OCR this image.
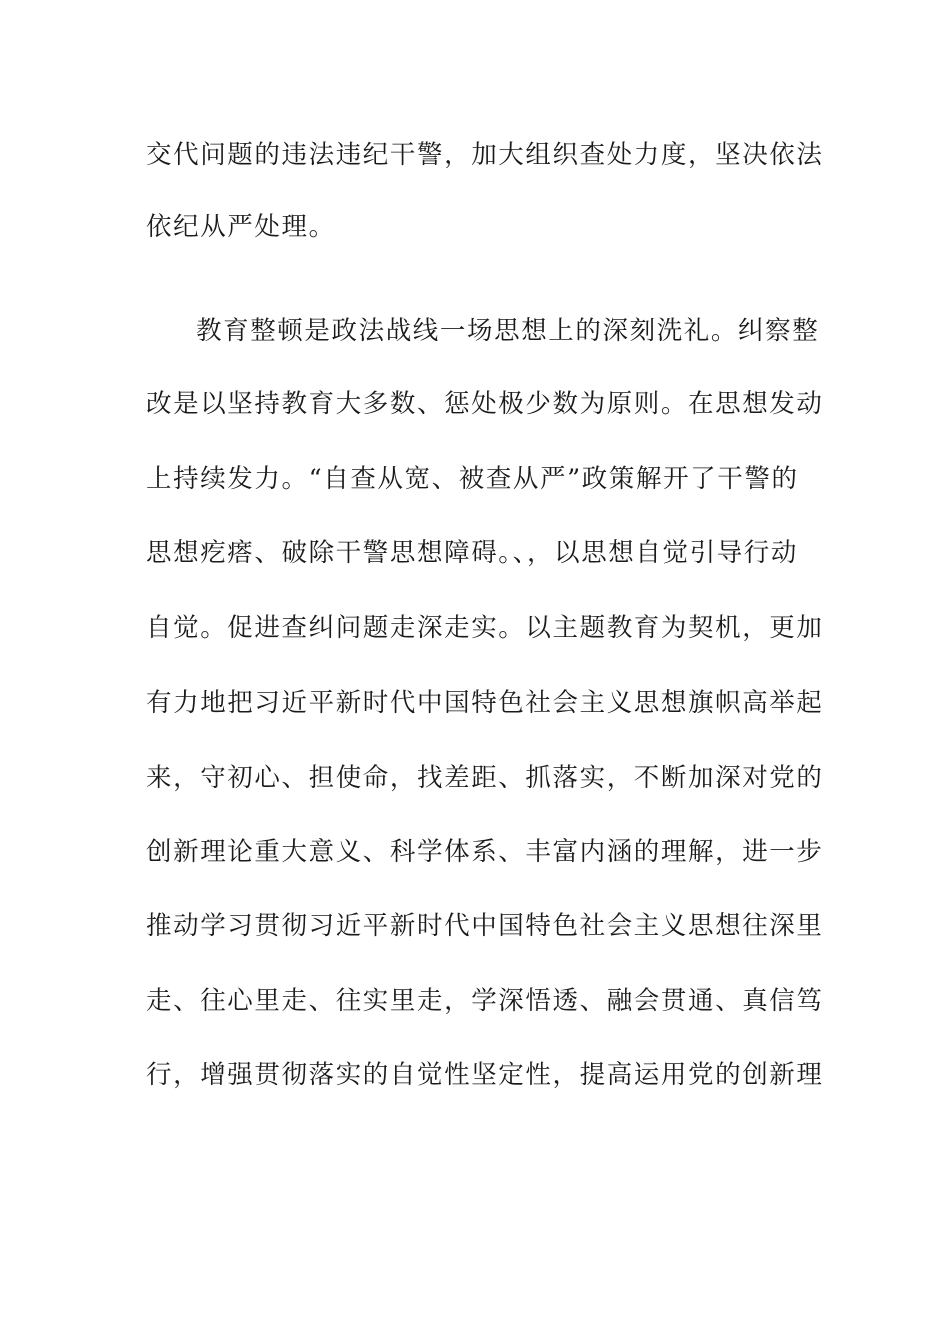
交代问题的违法违纪干警，加大组织查处力度，坚决依法
依纪从严处理。
教育整顿是政法战线一场思想上的深刻洗礼。纠察整
改是以坚持教育大多数、惩处极少数为原则。在思想发动
上持续发力。“自查从宽、被查从严”政策解开了干警的
思想疙瘩、破除干警思想障碍。、，以思想自觉引导行动
自觉。促进查纠问题走深走实。以主题教育为契机，更加
有力地把习近平新时代中国特色社会主义思想旗帜高举起
来，守初心、担使命，找差距、抓落实，不断加深对党的
创新理论重大意义、科学体系、丰富内涵的理解，进一步
推动学习贯彻习近平新时代中国特色社会主义思想往深里
走、往心里走、往实里走，学深悟透、融会贯通、真信笃
行，增强贯彻落实的自觉性坚定性，提高运用党的创新理
